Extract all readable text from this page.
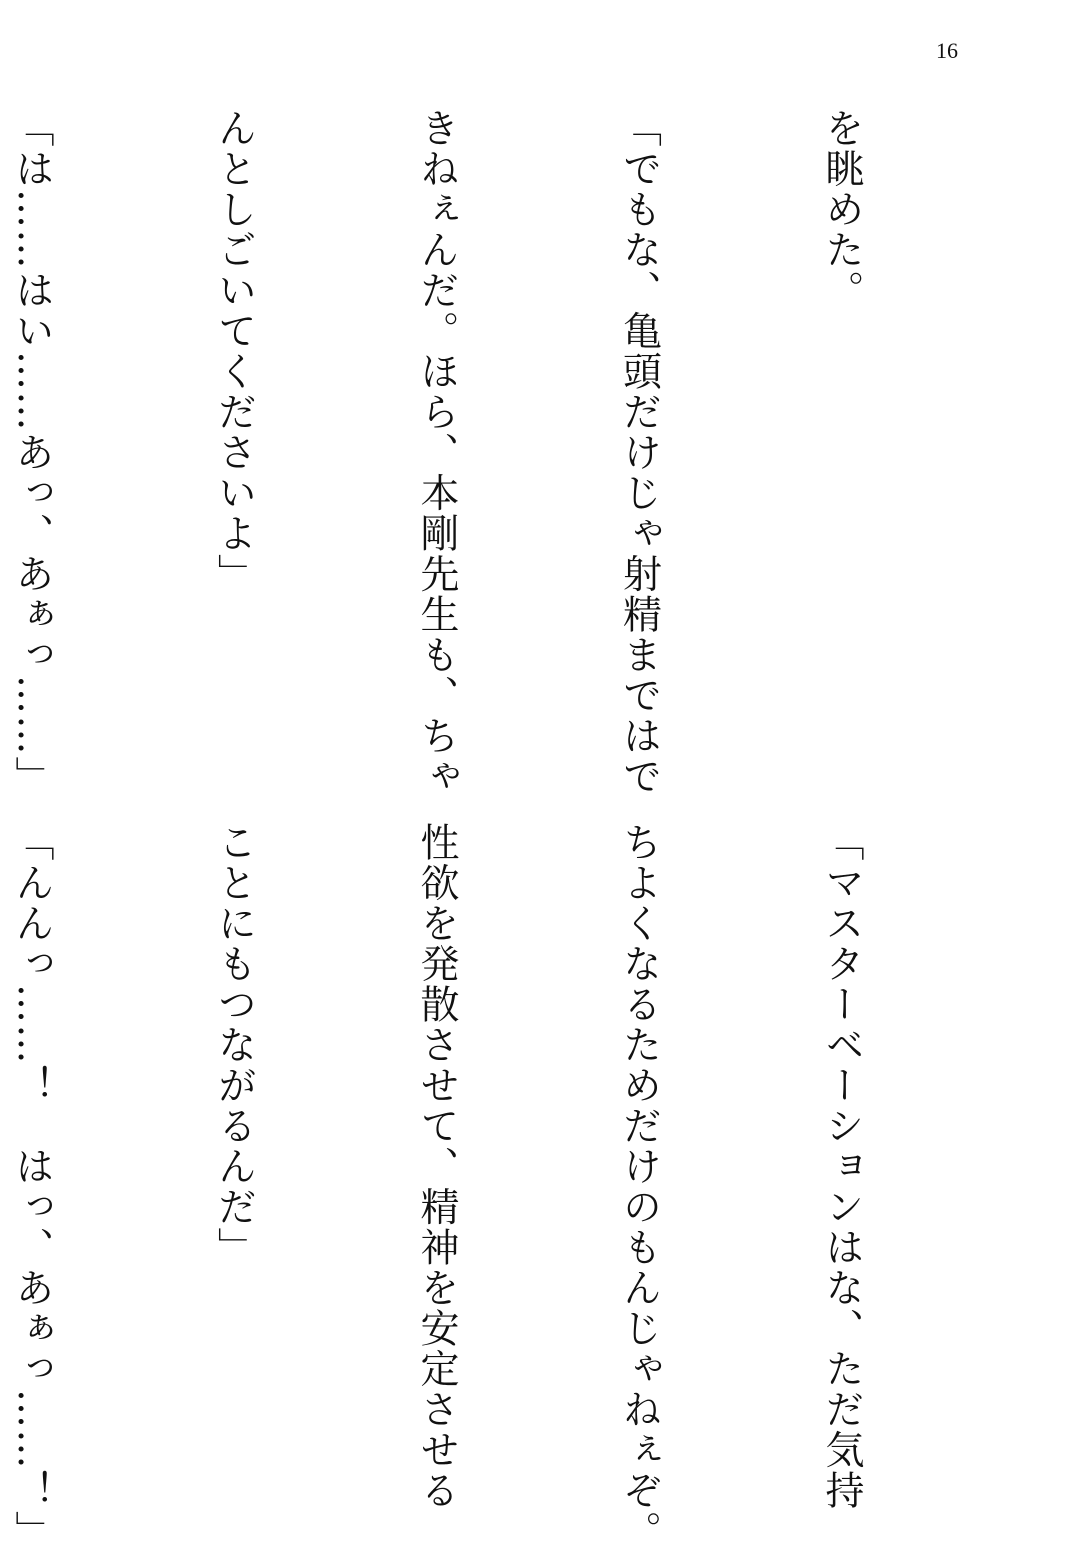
16

を眺めた。

「でもな、亀頭だけじゃ射精まではで

きねぇんだ。ほら、本剛先生も、ちゃ

んとしごいてくださいよ」

「は……はい……あっ、あぁっ……」

「マスターベーションはな、ただ気持

ちよくなるためだけのもんじゃねぇぞ。

性欲を発散させて、精神を安定させる

ことにもつながるんだ」

「んんっ……！　はっ、あぁっ……！」
